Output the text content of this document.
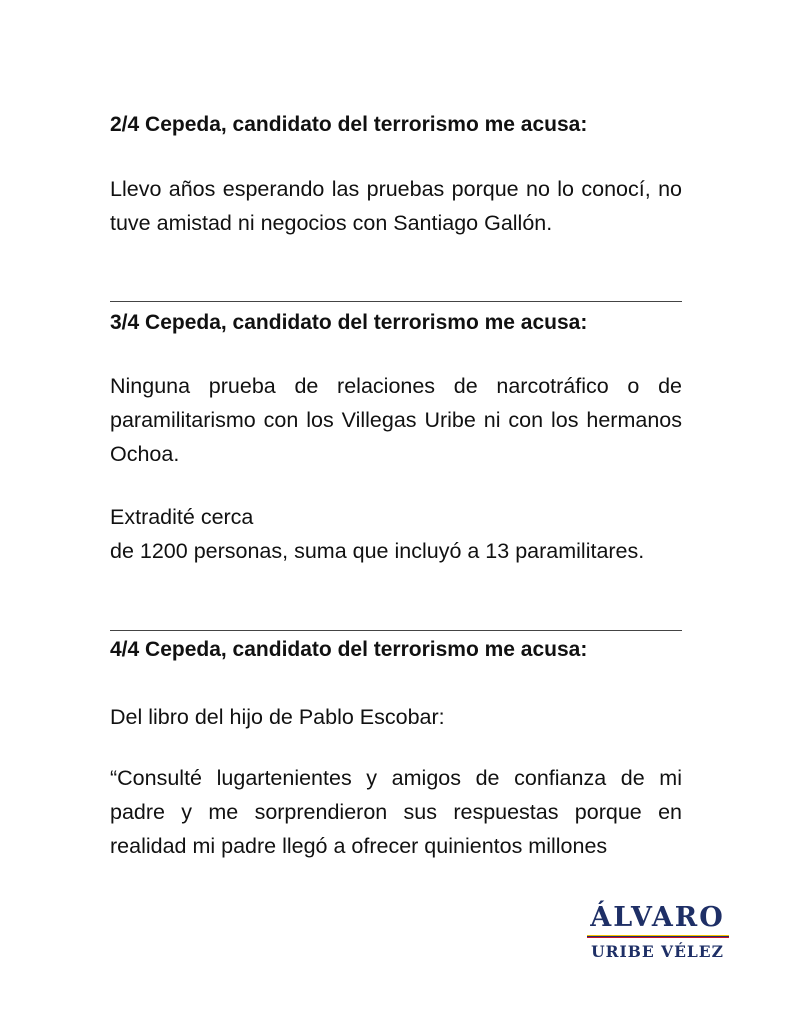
2/4 Cepeda, candidato del terrorismo me acusa:
Llevo años esperando las pruebas porque no lo conocí, no tuve amistad ni negocios con Santiago Gallón.
3/4 Cepeda, candidato del terrorismo me acusa:
Ninguna prueba de relaciones de narcotráfico o de paramilitarismo con los Villegas Uribe ni con los hermanos Ochoa.
Extradité cerca
de 1200 personas, suma que incluyó a 13 paramilitares.
4/4 Cepeda, candidato del terrorismo me acusa:
Del libro del hijo de Pablo Escobar:
“Consulté lugartenientes y amigos de confianza de mi padre y me sorprendieron sus respuestas porque en realidad mi padre llegó a ofrecer quinientos millones
ÁLVARO
URIBE VÉLEZ
